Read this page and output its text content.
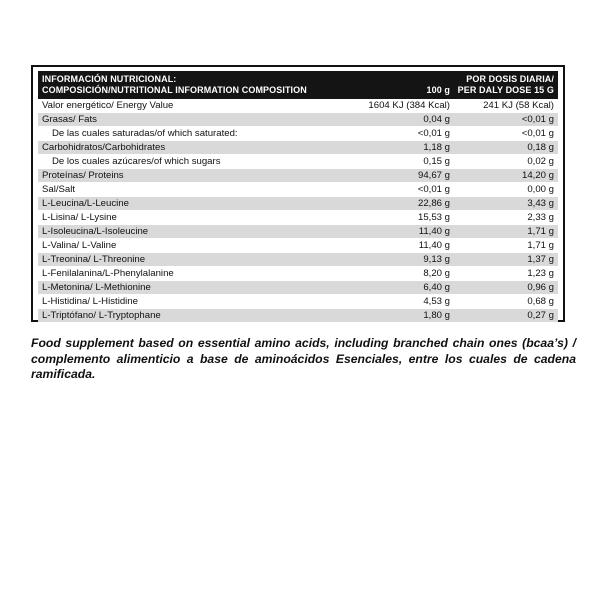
INFORMACIÓN NUTRICIONAL:
COMPOSICIÓN/NUTRITIONAL INFORMATION COMPOSITION	100 g
POR DOSIS DIARIA/
PER DALY DOSE 15 G
Valor energético/ Energy Value	1604 KJ (384 Kcal)	241 KJ (58 Kcal)
Grasas/ Fats	0,04 g	<0,01 g
De las cuales saturadas/of which saturated:	<0,01 g	<0,01 g
Carbohidratos/Carbohidrates	1,18 g	0,18 g
De los cuales azúcares/of which sugars	0,15 g	0,02 g
Proteínas/ Proteins	94,67 g	14,20 g
Sal/Salt	<0,01 g	0,00 g
L-Leucina/L-Leucine	22,86 g	3,43 g
L-Lisina/ L-Lysine	15,53 g	2,33 g
L-Isoleucina/L-Isoleucine	11,40 g	1,71 g
L-Valina/ L-Valine	11,40 g	1,71 g
L-Treonina/ L-Threonine	9,13 g	1,37 g
L-Fenilalanina/L-Phenylalanine	8,20 g	1,23 g
L-Metonina/ L-Methionine	6,40 g	0,96 g
L-Histidina/ L-Histidine	4,53 g	0,68 g
L-Triptófano/ L-Tryptophane	1,80 g	0,27 g
Food supplement based on essential amino acids, including branched chain ones (bcaa’s) / complemento alimenticio a base de aminoácidos Esenciales, entre los cuales de cadena ramificada.
